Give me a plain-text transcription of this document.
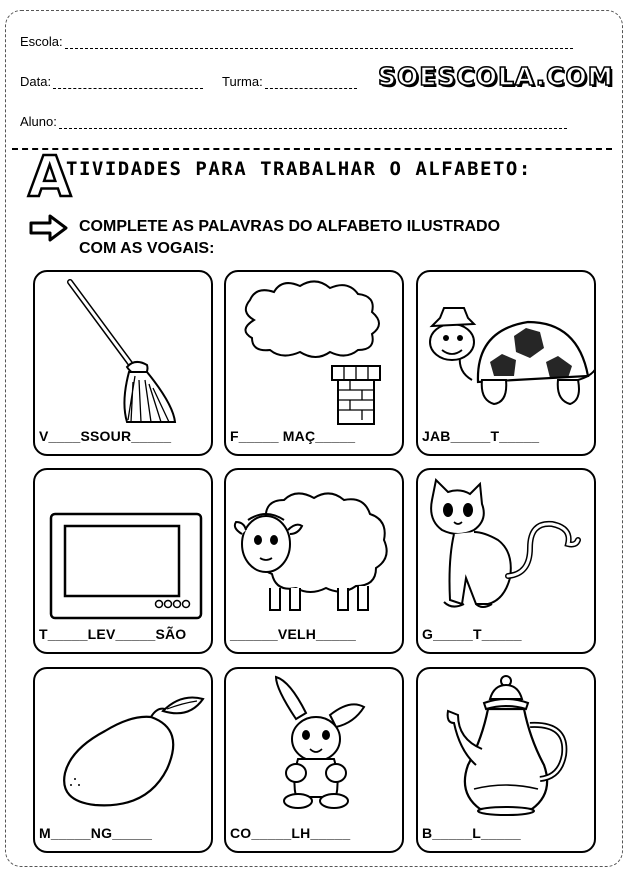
Escola:
Data:	Turma:
Aluno:
SOESCOLA.COM
A
TIVIDADES PARA TRABALHAR O ALFABETO:
COMPLETE AS PALAVRAS DO ALFABETO ILUSTRADO
COM AS VOGAIS:
V____SSOUR_____	F_____ MAÇ_____	JAB_____T_____
T_____LEV_____SÃO	______VELH_____	G_____T_____
M_____NG_____	CO_____LH_____	B_____L_____
